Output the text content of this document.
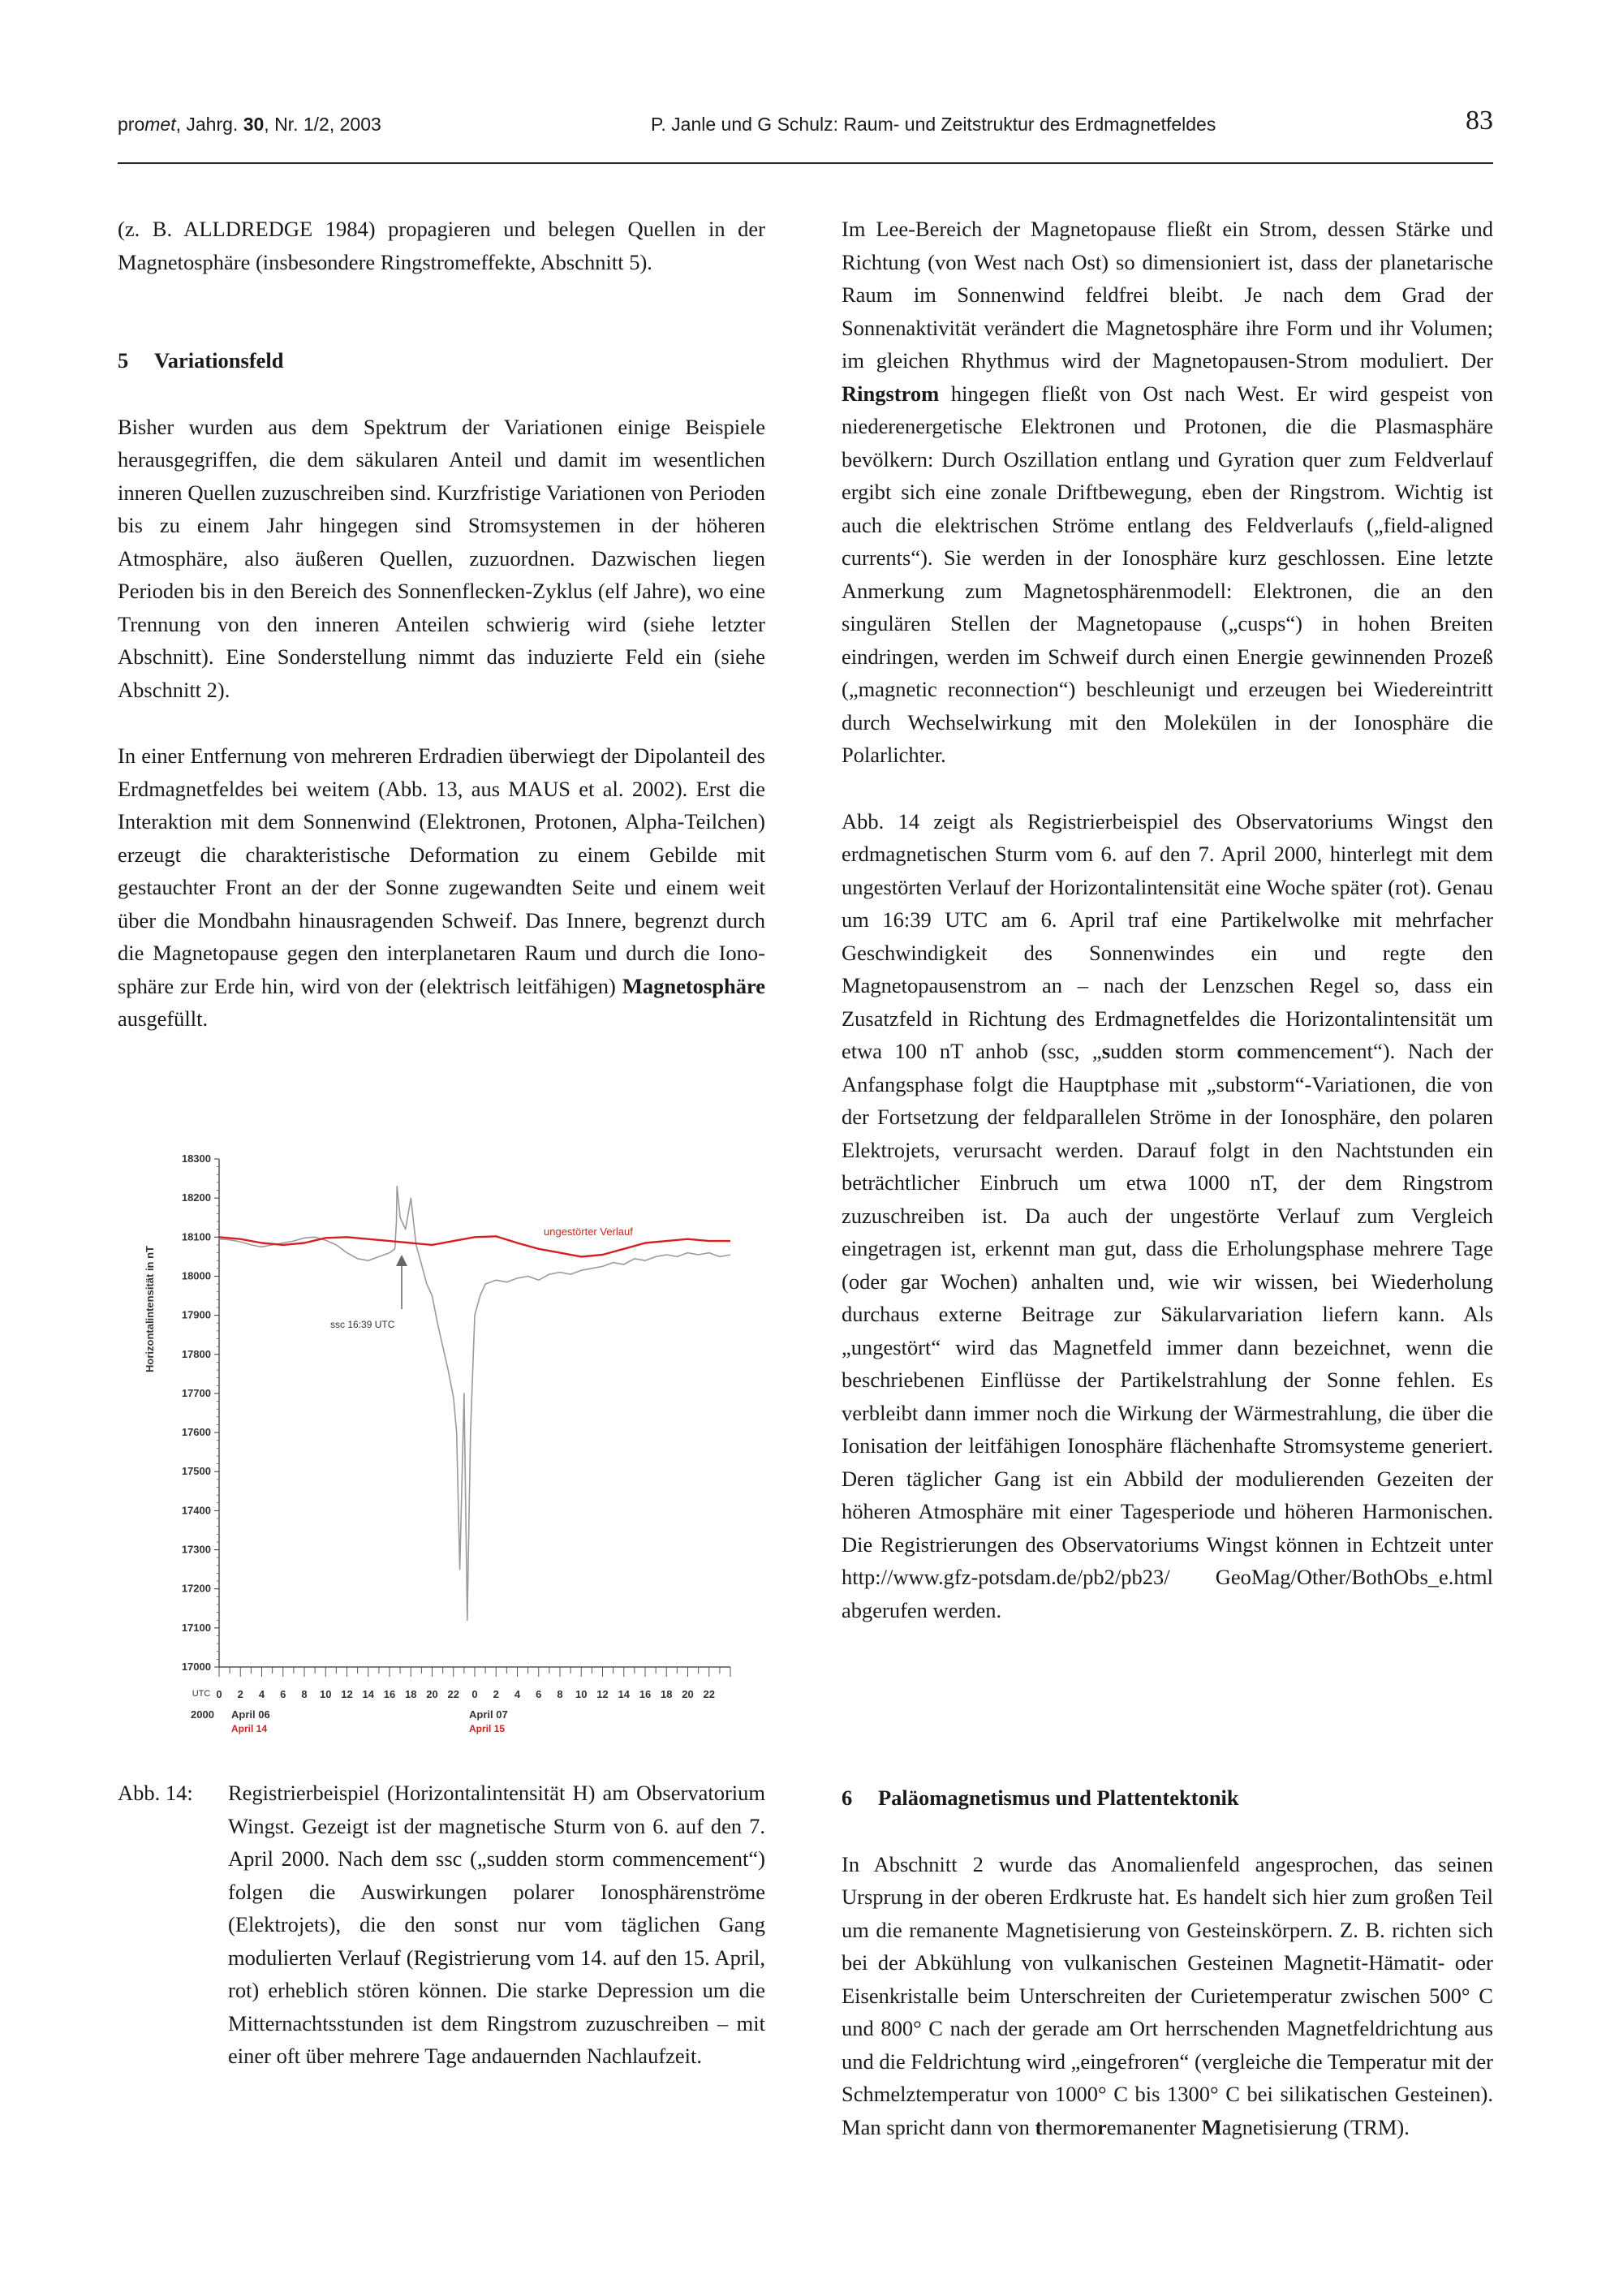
promet, Jahrg. 30, Nr. 1/2, 2003	P. Janle und G Schulz: Raum- und Zeitstruktur des Erdmagnetfeldes	83

(z. B. ALLDREDGE 1984) propagieren und belegen Quellen in der Magnetosphäre (insbesondere Ringstromeffekte, Abschnitt 5).

5 Variationsfeld

Bisher wurden aus dem Spektrum der Variationen einige Beispiele herausgegriffen, die dem säkularen Anteil und damit im wesentlichen inneren Quellen zuzuschreiben sind. Kurzfristige Variationen von Perioden bis zu einem Jahr hingegen sind Stromsystemen in der höheren Atmosphäre, also äußeren Quellen, zuzuordnen. Dazwischen liegen Perioden bis in den Bereich des Sonnenflecken-Zyklus (elf Jahre), wo eine Trennung von den inneren Anteilen schwierig wird (siehe letzter Abschnitt). Eine Sonderstellung nimmt das induzierte Feld ein (siehe Abschnitt 2).

In einer Entfernung von mehreren Erdradien überwiegt der Dipolanteil des Erdmagnetfeldes bei weitem (Abb. 13, aus MAUS et al. 2002). Erst die Interaktion mit dem Sonnenwind (Elektronen, Protonen, Alpha-Teilchen) erzeugt die charakteristische Deformation zu einem Gebilde mit gestauchter Front an der der Sonne zugewandten Seite und einem weit über die Mondbahn hinausragenden Schweif. Das Innere, begrenzt durch die Magnetopause gegen den interplanetaren Raum und durch die Ionosphäre zur Erde hin, wird von der (elektrisch leitfähigen) Magnetosphäre ausgefüllt.

Horizontalintensität in nT
18300
18200
18100
18000
17900
17800
17700
17600
17500
17400
17300
17200
17100
17000
0 2 4 6 8 10 12 14 16 18 20 22 0 2 4 6 8 10 12 14 16 18 20 22
ungestörter Verlauf
ssc 16:39 UTC
UTC
2000 April 06
April 14
April 07
April 15
Abb. 14:	Registrierbeispiel (Horizontalintensität H) am Observatorium Wingst. Gezeigt ist der magnetische Sturm von 6. auf den 7. April 2000. Nach dem ssc („sudden storm commencement“) folgen die Auswirkungen polarer Ionosphärenströme (Elektrojets), die den sonst nur vom täglichen Gang modulierten Verlauf (Registrierung vom 14. auf den 15. April, rot) erheblich stören können. Die starke Depression um die Mitternachtsstunden ist dem Ringstrom zuzuschreiben – mit einer oft über mehrere Tage andauernden Nachlaufzeit.

Im Lee-Bereich der Magnetopause fließt ein Strom, dessen Stärke und Richtung (von West nach Ost) so dimensioniert ist, dass der planetarische Raum im Sonnenwind feldfrei bleibt. Je nach dem Grad der Sonnenaktivität verändert die Magnetosphäre ihre Form und ihr Volumen; im gleichen Rhythmus wird der Magnetopausen-Strom moduliert. Der Ringstrom hingegen fließt von Ost nach West. Er wird gespeist von niederenergetische Elektronen und Protonen, die die Plasmasphäre bevölkern: Durch Oszillation entlang und Gyration quer zum Feldverlauf ergibt sich eine zonale Driftbewegung, eben der Ringstrom. Wichtig ist auch die elektrischen Ströme entlang des Feldverlaufs („field-aligned currents“). Sie werden in der Ionosphäre kurz geschlossen. Eine letzte Anmerkung zum Magnetosphärenmodell: Elektronen, die an den singulären Stellen der Magnetopause („cusps“) in hohen Breiten eindringen, werden im Schweif durch einen Energie gewinnenden Prozeß („magnetic reconnection“) beschleunigt und erzeugen bei Wiedereintritt durch Wechselwirkung mit den Molekülen in der Ionosphäre die Polarlichter.

Abb. 14 zeigt als Registrierbeispiel des Observatoriums Wingst den erdmagnetischen Sturm vom 6. auf den 7. April 2000, hinterlegt mit dem ungestörten Verlauf der Horizontalintensität eine Woche später (rot). Genau um 16:39 UTC am 6. April traf eine Partikelwolke mit mehrfacher Geschwindigkeit des Sonnenwindes ein und regte den Magnetopausenstrom an – nach der Lenzschen Regel so, dass ein Zusatzfeld in Richtung des Erdmagnetfeldes die Horizontalintensität um etwa 100 nT anhob (ssc, „sudden storm commencement“). Nach der Anfangsphase folgt die Hauptphase mit „substorm“-Variationen, die von der Fortsetzung der feldparallelen Ströme in der Ionosphäre, den polaren Elektrojets, verursacht werden. Darauf folgt in den Nachtstunden ein beträchtlicher Einbruch um etwa 1000 nT, der dem Ringstrom zuzuschreiben ist. Da auch der ungestörte Verlauf zum Vergleich eingetragen ist, erkennt man gut, dass die Erholungsphase mehrere Tage (oder gar Wochen) anhalten und, wie wir wissen, bei Wiederholung durchaus externe Beitrage zur Säkularvariation liefern kann. Als „ungestört“ wird das Magnetfeld immer dann bezeichnet, wenn die beschriebenen Einflüsse der Partikelstrahlung der Sonne fehlen. Es verbleibt dann immer noch die Wirkung der Wärmestrahlung, die über die Ionisation der leitfähigen Ionosphäre flächenhafte Stromsysteme generiert. Deren täglicher Gang ist ein Abbild der modulierenden Gezeiten der höheren Atmosphäre mit einer Tagesperiode und höheren Harmonischen. Die Registrierungen des Observatoriums Wingst können in Echtzeit unter http://www.gfz-potsdam.de/pb2/pb23/ GeoMag/Other/BothObs_e.html abgerufen werden.

6 Paläomagnetismus und Plattentektonik

In Abschnitt 2 wurde das Anomalienfeld angesprochen, das seinen Ursprung in der oberen Erdkruste hat. Es handelt sich hier zum großen Teil um die remanente Magnetisierung von Gesteinskörpern. Z. B. richten sich bei der Abkühlung von vulkanischen Gesteinen Magnetit-Hämatit- oder Eisenkristalle beim Unterschreiten der Curietemperatur zwischen 500° C und 800° C nach der gerade am Ort herrschenden Magnetfeldrichtung aus und die Feldrichtung wird „eingefroren“ (vergleiche die Temperatur mit der Schmelztemperatur von 1000° C bis 1300° C bei silikatischen Gesteinen). Man spricht dann von thermoremanenter Magnetisierung (TRM).
